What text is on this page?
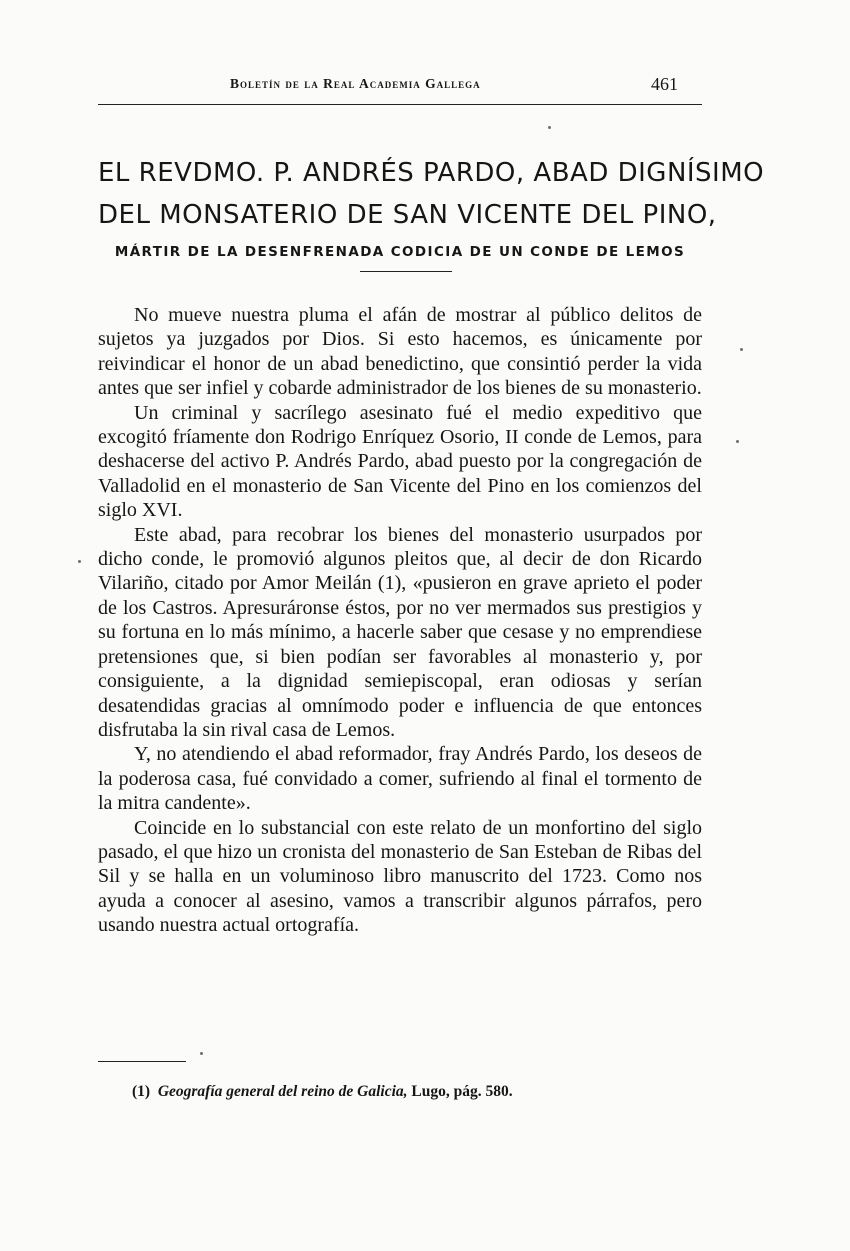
Boletín de la Real Academia Gallega	461
EL REVDMO. P. ANDRÉS PARDO, ABAD DIGNÍSIMO
DEL MONSATERIO DE SAN VICENTE DEL PINO,
MÁRTIR DE LA DESENFRENADA CODICIA DE UN CONDE DE LEMOS

No mueve nuestra pluma el afán de mostrar al público delitos de sujetos ya juzgados por Dios. Si esto hacemos, es únicamente por reivindicar el honor de un abad benedictino, que consintió perder la vida antes que ser infiel y cobarde administrador de los bienes de su monasterio.

Un criminal y sacrílego asesinato fué el medio expeditivo que excogitó fríamente don Rodrigo Enríquez Osorio, II conde de Lemos, para deshacerse del activo P. Andrés Pardo, abad puesto por la congregación de Valladolid en el monasterio de San Vicente del Pino en los comienzos del siglo XVI.

Este abad, para recobrar los bienes del monasterio usurpados por dicho conde, le promovió algunos pleitos que, al decir de don Ricardo Vilariño, citado por Amor Meilán (1), «pusieron en grave aprieto el poder de los Castros. Apresuráronse éstos, por no ver mermados sus prestigios y su fortuna en lo más mínimo, a hacerle saber que cesase y no emprendiese pretensiones que, si bien podían ser favorables al monasterio y, por consiguiente, a la dignidad semiepiscopal, eran odiosas y serían desatendidas gracias al omnímodo poder e influencia de que entonces disfrutaba la sin rival casa de Lemos.

Y, no atendiendo el abad reformador, fray Andrés Pardo, los deseos de la poderosa casa, fué convidado a comer, sufriendo al final el tormento de la mitra candente».

Coincide en lo substancial con este relato de un monfortino del siglo pasado, el que hizo un cronista del monasterio de San Esteban de Ribas del Sil y se halla en un voluminoso libro manuscrito del 1723. Como nos ayuda a conocer al asesino, vamos a transcribir algunos párrafos, pero usando nuestra actual ortografía.

(1) Geografía general del reino de Galicia, Lugo, pág. 580.
